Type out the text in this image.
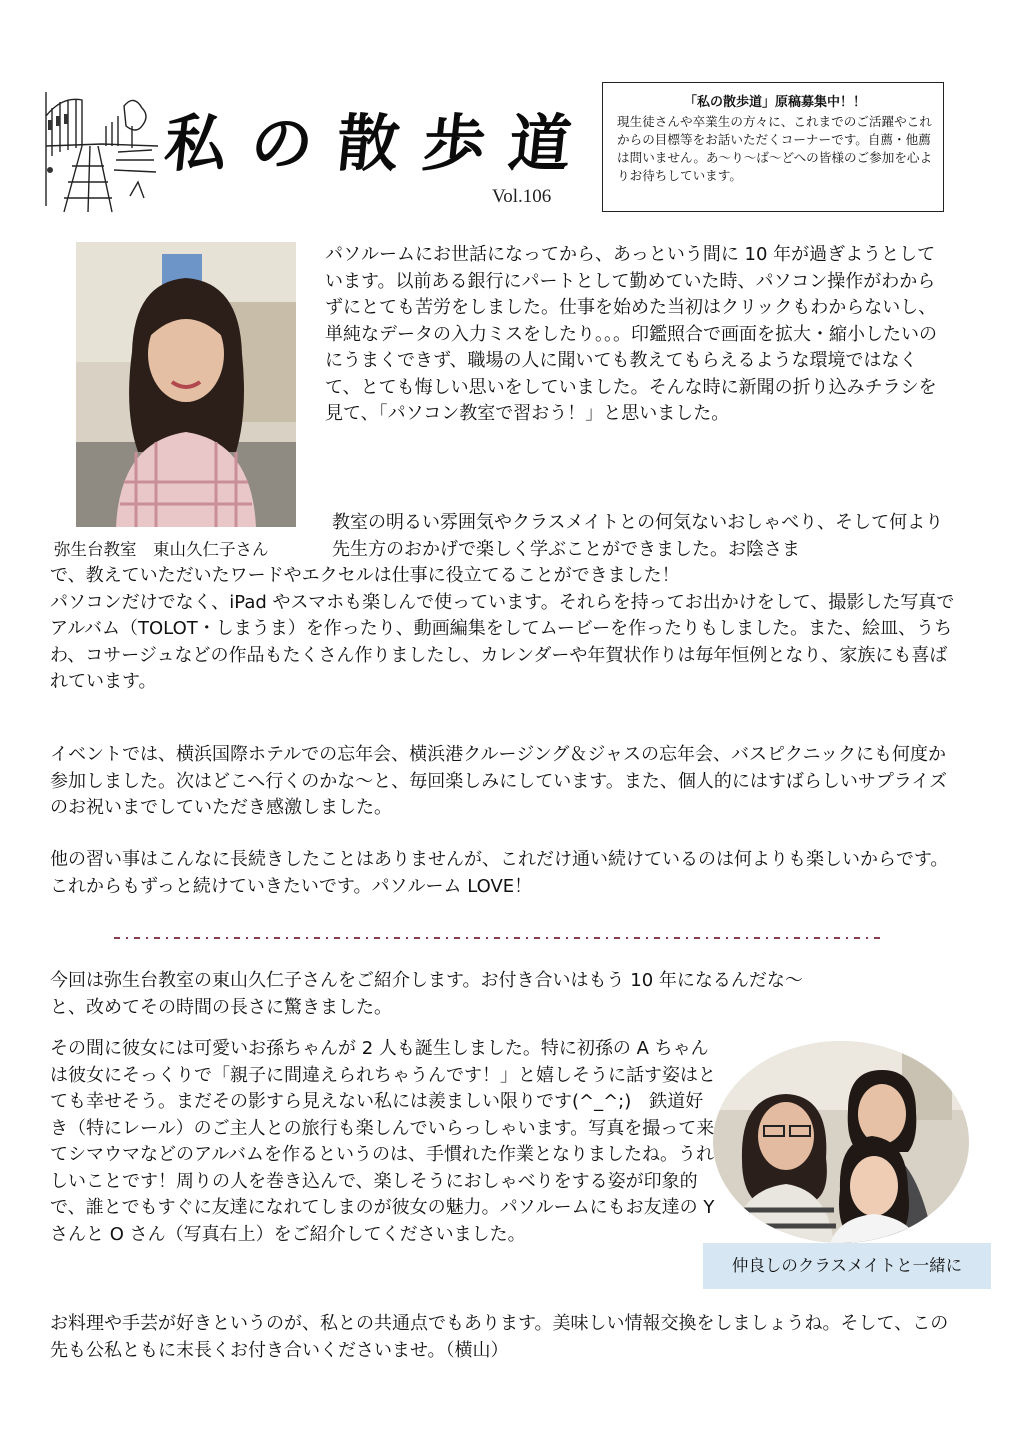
私の散歩道
Vol.106
「私の散歩道」原稿募集中！！
現生徒さんや卒業生の方々に、これまでのご活躍やこれからの目標等をお話いただくコーナーです。自薦・他薦は問いません。あ～り～ば～どへの皆様のご参加を心よりお待ちしています。
弥生台教室　東山久仁子さん
パソルームにお世話になってから、あっという間に 10 年が過ぎようとしています。以前ある銀行にパートとして勤めていた時、パソコン操作がわからずにとても苦労をしました。仕事を始めた当初はクリックもわからないし、単純なデータの入力ミスをしたり。。。印鑑照合で画面を拡大・縮小したいのにうまくできず、職場の人に聞いても教えてもらえるような環境ではなくて、とても悔しい思いをしていました。そんな時に新聞の折り込みチラシを見て、「パソコン教室で習おう！」と思いました。
教室の明るい雰囲気やクラスメイトとの何気ないおしゃべり、そして何より先生方のおかげで楽しく学ぶことができました。お陰さま
で、教えていただいたワードやエクセルは仕事に役立てることができました！
パソコンだけでなく、iPad やスマホも楽しんで使っています。それらを持ってお出かけをして、撮影した写真でアルバム（TOLOT・しまうま）を作ったり、動画編集をしてムービーを作ったりもしました。また、絵皿、うちわ、コサージュなどの作品もたくさん作りましたし、カレンダーや年賀状作りは毎年恒例となり、家族にも喜ばれています。
イベントでは、横浜国際ホテルでの忘年会、横浜港クルージング＆ジャスの忘年会、バスピクニックにも何度か参加しました。次はどこへ行くのかな～と、毎回楽しみにしています。また、個人的にはすばらしいサプライズのお祝いまでしていただき感激しました。
他の習い事はこんなに長続きしたことはありませんが、これだけ通い続けているのは何よりも楽しいからです。これからもずっと続けていきたいです。パソルーム LOVE！
今回は弥生台教室の東山久仁子さんをご紹介します。お付き合いはもう 10 年になるんだな～と、改めてその時間の長さに驚きました。
その間に彼女には可愛いお孫ちゃんが 2 人も誕生しました。特に初孫の A ちゃんは彼女にそっくりで「親子に間違えられちゃうんです！」と嬉しそうに話す姿はとても幸せそう。まだその影すら見えない私には羨ましい限りです(^_^;)　鉄道好き（特にレール）のご主人との旅行も楽しんでいらっしゃいます。写真を撮って来てシマウマなどのアルバムを作るというのは、手慣れた作業となりましたね。うれしいことです！周りの人を巻き込んで、楽しそうにおしゃべりをする姿が印象的で、誰とでもすぐに友達になれてしまのが彼女の魅力。パソルームにもお友達の Y さんと O さん（写真右上）をご紹介してくださいました。
お料理や手芸が好きというのが、私との共通点でもあります。美味しい情報交換をしましょうね。そして、この先も公私ともに末長くお付き合いくださいませ。（横山）
仲良しのクラスメイトと一緒に
